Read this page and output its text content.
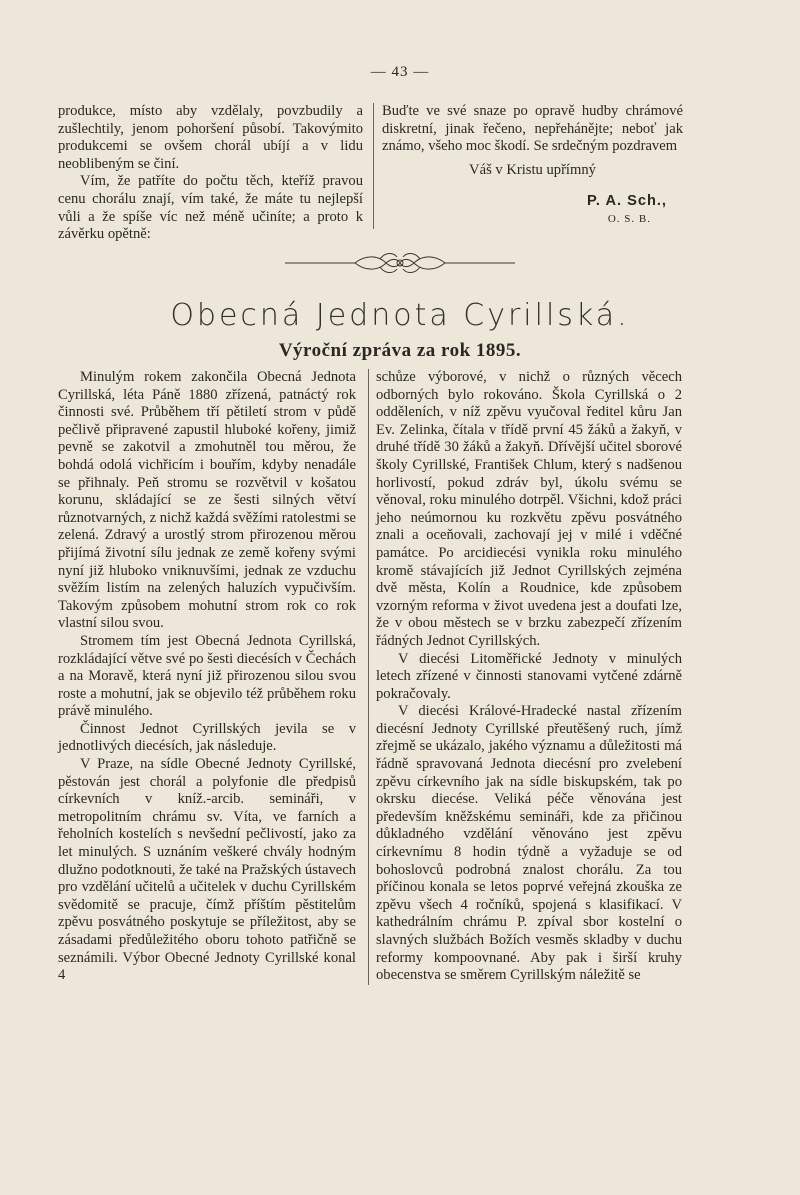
— 43 —

produkce, místo aby vzdělaly, povzbudily a zušlechtily, jenom pohoršení působí. Takovýmito produkcemi se ovšem chorál ubíjí a v lidu neoblibeným se činí.

Vím, že patříte do počtu těch, kteříž pravou cenu chorálu znají, vím také, že máte tu nejlepší vůli a že spíše víc než méně učiníte; a proto k závěrku opětně:

Buďte ve své snaze po opravě hudby chrámové diskretní, jinak řečeno, nepřehánějte; neboť jak známo, všeho moc škodí. Se srdečným pozdravem

Váš v Kristu upřímný

P. A. Sch.,

O. S. B.

Obecná Jednota Cyrillská.
Výroční zpráva za rok 1895.

Minulým rokem zakončila Obecná Jednota Cyrillská, léta Páně 1880 zřízená, patnáctý rok činnosti své. Průběhem tří pětiletí strom v půdě pečlivě připravené zapustil hluboké kořeny, jimiž pevně se zakotvil a zmohutněl tou měrou, že bohdá odolá vichřicím i bouřím, kdyby nenadále se přihnaly. Peň stromu se rozvětvil v košatou korunu, skládající se ze šesti silných větví různotvarných, z nichž každá svěžími ratolestmi se zelená. Zdravý a urostlý strom přirozenou měrou přijímá životní sílu jednak ze země kořeny svými nyní již hluboko vniknuvšími, jednak ze vzduchu svěžím listím na zelených haluzích vypučivším. Takovým způsobem mohutní strom rok co rok vlastní silou svou.

Stromem tím jest Obecná Jednota Cyrillská, rozkládající větve své po šesti diecésích v Čechách a na Moravě, která nyní již přirozenou silou svou roste a mohutní, jak se objevilo též průběhem roku právě minulého.

Činnost Jednot Cyrillských jevila se v jednotlivých diecésích, jak následuje.

V Praze, na sídle Obecné Jednoty Cyrillské, pěstován jest chorál a polyfonie dle předpisů církevních v kníž.-arcib. semináři, v metropolitním chrámu sv. Víta, ve farních a řeholních kostelích s nevšední pečlivostí, jako za let minulých. S uznáním veškeré chvály hodným dlužno podotknouti, že také na Pražských ústavech pro vzdělání učitelů a učitelek v duchu Cyrillském svědomitě se pracuje, čímž příštím pěstitelům zpěvu posvátného poskytuje se příležitost, aby se zásadami předůležitého oboru tohoto patřičně se seznámili. Výbor Obecné Jednoty Cyrillské konal 4

schůze výborové, v nichž o různých věcech odborných bylo rokováno. Škola Cyrillská o 2 odděleních, v níž zpěvu vyučoval ředitel kůru Jan Ev. Zelinka, čítala v třídě první 45 žáků a žakyň, v druhé třídě 30 žáků a žakyň. Dřívější učitel sborové školy Cyrillské, František Chlum, který s nadšenou horlivostí, pokud zdráv byl, úkolu svému se věnoval, roku minulého dotrpěl. Všichni, kdož práci jeho neúmornou ku rozkvětu zpěvu posvátného znali a oceňovali, zachovají jej v milé i vděčné památce. Po arcidiecési vynikla roku minulého kromě stávajících již Jednot Cyrillských zejména dvě města, Kolín a Roudnice, kde způsobem vzorným reforma v život uvedena jest a doufati lze, že v obou městech se v brzku zabezpečí zřízením řádných Jednot Cyrillských.

V diecési Litoměřické Jednoty v minulých letech zřízené v činnosti stanovami vytčené zdárně pokračovaly.

V diecési Králové-Hradecké nastal zřízením diecésní Jednoty Cyrillské přeutěšený ruch, jímž zřejmě se ukázalo, jakého významu a důležitosti má řádně spravovaná Jednota diecésní pro zvelebení zpěvu církevního jak na sídle biskupském, tak po okrsku diecése. Veliká péče věnována jest především kněžskému semináři, kde za přičinou důkladného vzdělání věnováno jest zpěvu církevnímu 8 hodin týdně a vyžaduje se od bohoslovců podrobná znalost chorálu. Za tou příčinou konala se letos poprvé veřejná zkouška ze zpěvu všech 4 ročníků, spojená s klasifikací. V kathedrálním chrámu P. zpíval sbor kostelní o slavných službách Božích vesměs skladby v duchu reformy kompoovnané. Aby pak i širší kruhy obecenstva se směrem Cyrillským náležitě se
